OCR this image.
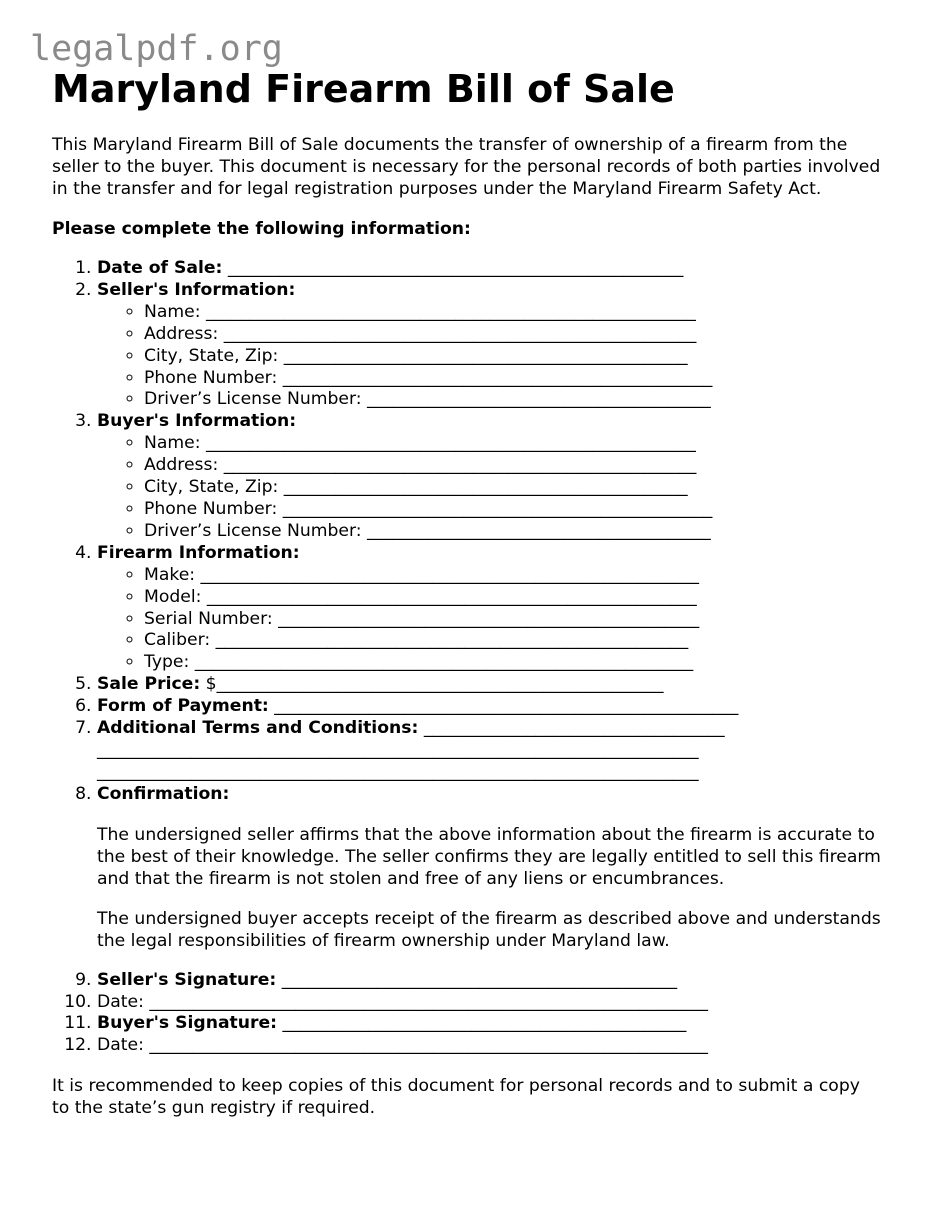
legalpdf.org
Maryland Firearm Bill of Sale

This Maryland Firearm Bill of Sale documents the transfer of ownership of a firearm from the seller to the buyer. This document is necessary for the personal records of both parties involved in the transfer and for legal registration purposes under the Maryland Firearm Safety Act.

Please complete the following information:

1. Date of Sale: _____________________________________________________
2. Seller's Information:
◦ Name: _________________________________________________________
◦ Address: _______________________________________________________
◦ City, State, Zip: _______________________________________________
◦ Phone Number: __________________________________________________
◦ Driver’s License Number: ________________________________________
3. Buyer's Information:
◦ Name: _________________________________________________________
◦ Address: _______________________________________________________
◦ City, State, Zip: _______________________________________________
◦ Phone Number: __________________________________________________
◦ Driver’s License Number: ________________________________________
4. Firearm Information:
◦ Make: __________________________________________________________
◦ Model: _________________________________________________________
◦ Serial Number: _________________________________________________
◦ Caliber: _______________________________________________________
◦ Type: __________________________________________________________
5. Sale Price: $____________________________________________________
6. Form of Payment: ______________________________________________________
7. Additional Terms and Conditions: ___________________________________
______________________________________________________________________
______________________________________________________________________
8. Confirmation:

The undersigned seller affirms that the above information about the firearm is accurate to the best of their knowledge. The seller confirms they are legally entitled to sell this firearm and that the firearm is not stolen and free of any liens or encumbrances.

The undersigned buyer accepts receipt of the firearm as described above and understands the legal responsibilities of firearm ownership under Maryland law.

9. Seller's Signature: ______________________________________________
10. Date: _________________________________________________________________
11. Buyer's Signature: _______________________________________________
12. Date: _________________________________________________________________

It is recommended to keep copies of this document for personal records and to submit a copy to the state’s gun registry if required.
